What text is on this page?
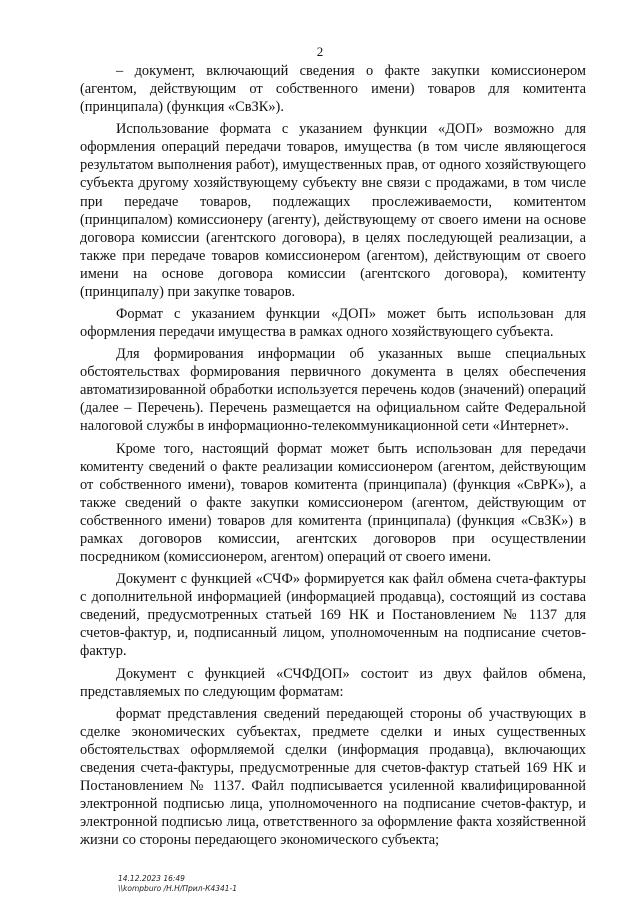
2

– документ, включающий сведения о факте закупки комиссионером (агентом, действующим от собственного имени) товаров для комитента (принципала) (функция «СвЗК»).

Использование формата с указанием функции «ДОП» возможно для оформления операций передачи товаров, имущества (в том числе являющегося результатом выполнения работ), имущественных прав, от одного хозяйствующего субъекта другому хозяйствующему субъекту вне связи с продажами, в том числе при передаче товаров, подлежащих прослеживаемости, комитентом (принципалом) комиссионеру (агенту), действующему от своего имени на основе договора комиссии (агентского договора), в целях последующей реализации, а также при передаче товаров комиссионером (агентом), действующим от своего имени на основе договора комиссии (агентского договора), комитенту (принципалу) при закупке товаров.

Формат с указанием функции «ДОП» может быть использован для оформления передачи имущества в рамках одного хозяйствующего субъекта.

Для формирования информации об указанных выше специальных обстоятельствах формирования первичного документа в целях обеспечения автоматизированной обработки используется перечень кодов (значений) операций (далее – Перечень). Перечень размещается на официальном сайте Федеральной налоговой службы в информационно-телекоммуникационной сети «Интернет».

Кроме того, настоящий формат может быть использован для передачи комитенту сведений о факте реализации комиссионером (агентом, действующим от собственного имени), товаров комитента (принципала) (функция «СвРК»), а также сведений о факте закупки комиссионером (агентом, действующим от собственного имени) товаров для комитента (принципала) (функция «СвЗК») в рамках договоров комиссии, агентских договоров при осуществлении посредником (комиссионером, агентом) операций от своего имени.

Документ с функцией «СЧФ» формируется как файл обмена счета-фактуры с дополнительной информацией (информацией продавца), состоящий из состава сведений, предусмотренных статьей 169 НК и Постановлением № 1137 для счетов-фактур, и, подписанный лицом, уполномоченным на подписание счетов-фактур.

Документ с функцией «СЧФДОП» состоит из двух файлов обмена, представляемых по следующим форматам:

формат представления сведений передающей стороны об участвующих в сделке экономических субъектах, предмете сделки и иных существенных обстоятельствах оформляемой сделки (информация продавца), включающих сведения счета-фактуры, предусмотренные для счетов-фактур статьей 169 НК и Постановлением № 1137. Файл подписывается усиленной квалифицированной электронной подписью лица, уполномоченного на подписание счетов-фактур, и электронной подписью лица, ответственного за оформление факта хозяйственной жизни со стороны передающего экономического субъекта;

14.12.2023 16:49
\\kompburo /Н.Н/Прил-К4341-1
